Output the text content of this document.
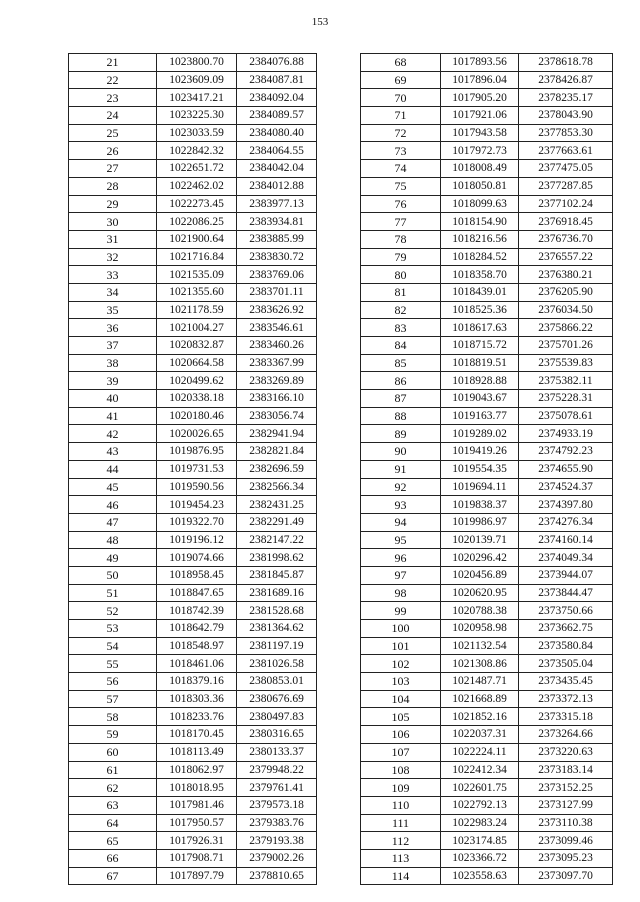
153
21	1023800.70	2384076.88
22	1023609.09	2384087.81
23	1023417.21	2384092.04
24	1023225.30	2384089.57
25	1023033.59	2384080.40
26	1022842.32	2384064.55
27	1022651.72	2384042.04
28	1022462.02	2384012.88
29	1022273.45	2383977.13
30	1022086.25	2383934.81
31	1021900.64	2383885.99
32	1021716.84	2383830.72
33	1021535.09	2383769.06
34	1021355.60	2383701.11
35	1021178.59	2383626.92
36	1021004.27	2383546.61
37	1020832.87	2383460.26
38	1020664.58	2383367.99
39	1020499.62	2383269.89
40	1020338.18	2383166.10
41	1020180.46	2383056.74
42	1020026.65	2382941.94
43	1019876.95	2382821.84
44	1019731.53	2382696.59
45	1019590.56	2382566.34
46	1019454.23	2382431.25
47	1019322.70	2382291.49
48	1019196.12	2382147.22
49	1019074.66	2381998.62
50	1018958.45	2381845.87
51	1018847.65	2381689.16
52	1018742.39	2381528.68
53	1018642.79	2381364.62
54	1018548.97	2381197.19
55	1018461.06	2381026.58
56	1018379.16	2380853.01
57	1018303.36	2380676.69
58	1018233.76	2380497.83
59	1018170.45	2380316.65
60	1018113.49	2380133.37
61	1018062.97	2379948.22
62	1018018.95	2379761.41
63	1017981.46	2379573.18
64	1017950.57	2379383.76
65	1017926.31	2379193.38
66	1017908.71	2379002.26
67	1017897.79	2378810.65
68	1017893.56	2378618.78
69	1017896.04	2378426.87
70	1017905.20	2378235.17
71	1017921.06	2378043.90
72	1017943.58	2377853.30
73	1017972.73	2377663.61
74	1018008.49	2377475.05
75	1018050.81	2377287.85
76	1018099.63	2377102.24
77	1018154.90	2376918.45
78	1018216.56	2376736.70
79	1018284.52	2376557.22
80	1018358.70	2376380.21
81	1018439.01	2376205.90
82	1018525.36	2376034.50
83	1018617.63	2375866.22
84	1018715.72	2375701.26
85	1018819.51	2375539.83
86	1018928.88	2375382.11
87	1019043.67	2375228.31
88	1019163.77	2375078.61
89	1019289.02	2374933.19
90	1019419.26	2374792.23
91	1019554.35	2374655.90
92	1019694.11	2374524.37
93	1019838.37	2374397.80
94	1019986.97	2374276.34
95	1020139.71	2374160.14
96	1020296.42	2374049.34
97	1020456.89	2373944.07
98	1020620.95	2373844.47
99	1020788.38	2373750.66
100	1020958.98	2373662.75
101	1021132.54	2373580.84
102	1021308.86	2373505.04
103	1021487.71	2373435.45
104	1021668.89	2373372.13
105	1021852.16	2373315.18
106	1022037.31	2373264.66
107	1022224.11	2373220.63
108	1022412.34	2373183.14
109	1022601.75	2373152.25
110	1022792.13	2373127.99
111	1022983.24	2373110.38
112	1023174.85	2373099.46
113	1023366.72	2373095.23
114	1023558.63	2373097.70
